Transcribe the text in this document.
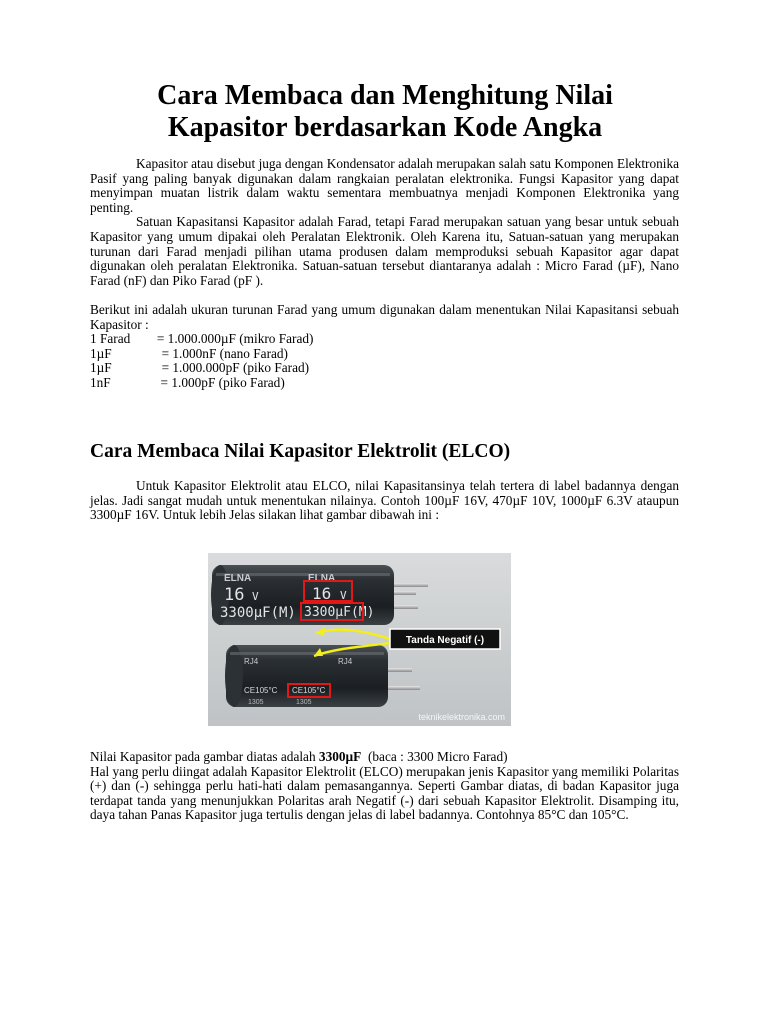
Cara Membaca dan Menghitung Nilai
Kapasitor berdasarkan Kode Angka

Kapasitor atau disebut juga dengan Kondensator adalah merupakan salah satu Komponen Elektronika Pasif yang paling banyak digunakan dalam rangkaian peralatan elektronika. Fungsi Kapasitor yang dapat menyimpan muatan listrik dalam waktu sementara membuatnya menjadi Komponen Elektronika yang penting.

Satuan Kapasitansi Kapasitor adalah Farad, tetapi Farad merupakan satuan yang besar untuk sebuah Kapasitor yang umum dipakai oleh Peralatan Elektronik. Oleh Karena itu, Satuan-satuan yang merupakan turunan dari Farad menjadi pilihan utama produsen dalam memproduksi sebuah Kapasitor agar dapat digunakan oleh peralatan Elektronika. Satuan-satuan tersebut diantaranya adalah : Micro Farad (µF), Nano Farad (nF) dan Piko Farad (pF ).

Berikut ini adalah ukuran turunan Farad yang umum digunakan dalam menentukan Nilai Kapasitansi sebuah Kapasitor :

1 Farad        = 1.000.000µF (mikro Farad)
1µF               = 1.000nF (nano Farad)
1µF               = 1.000.000pF (piko Farad)
1nF               = 1.000pF (piko Farad)
Cara Membaca Nilai Kapasitor Elektrolit (ELCO)

Untuk Kapasitor Elektrolit atau ELCO, nilai Kapasitansinya telah tertera di label badannya dengan jelas. Jadi sangat mudah untuk menentukan nilainya. Contoh 100µF 16V, 470µF 10V, 1000µF 6.3V ataupun 3300µF 16V. Untuk lebih Jelas silakan lihat gambar dibawah ini :

ELNA	ELNA
16 V	16 V
3300µF(M) 3300µF(M)
RJ4	RJ4
CE105°C CE105°C
1305	1305
Tanda Negatif (-)
teknikelektronika.com

Nilai Kapasitor pada gambar diatas adalah 3300µF  (baca : 3300 Micro Farad)

Hal yang perlu diingat adalah Kapasitor Elektrolit (ELCO) merupakan jenis Kapasitor yang memiliki Polaritas (+) dan (-) sehingga perlu hati-hati dalam pemasangannya. Seperti Gambar diatas, di badan Kapasitor juga terdapat tanda yang menunjukkan Polaritas arah Negatif (-) dari sebuah Kapasitor Elektrolit. Disamping itu, daya tahan Panas Kapasitor juga tertulis dengan jelas di label badannya. Contohnya 85°C dan 105°C.
